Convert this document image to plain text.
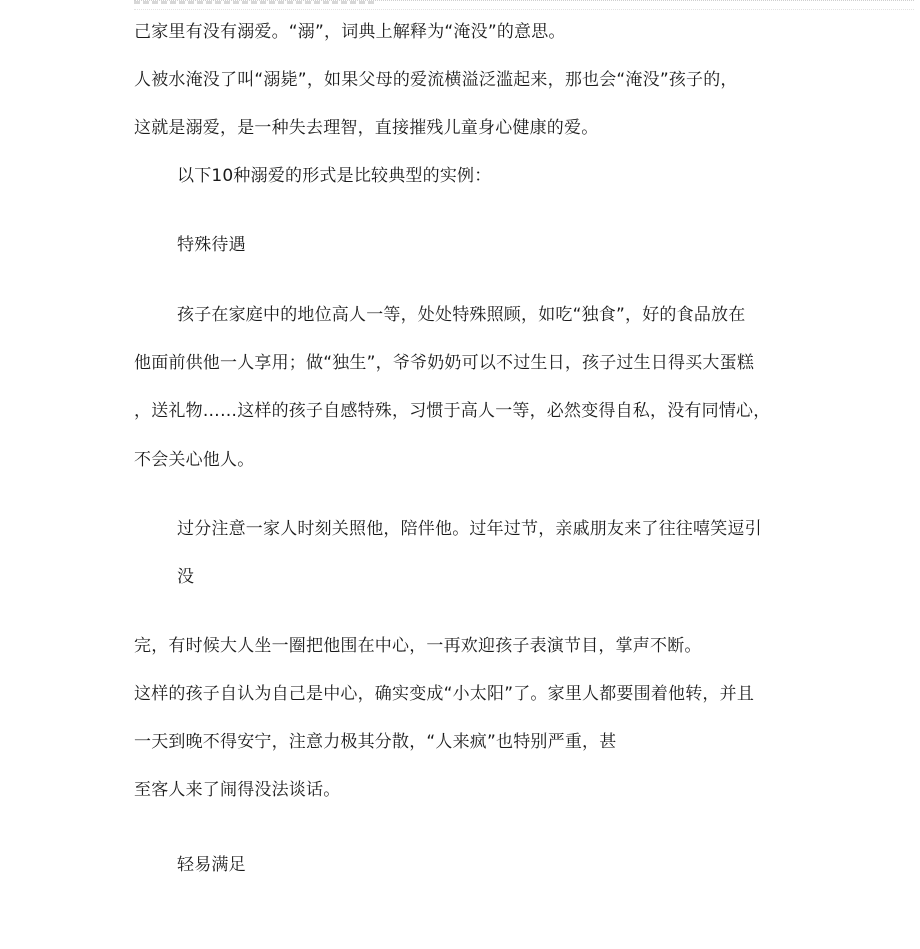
己家里有没有溺爱。“溺”，词典上解释为“淹没”的意思。
人被水淹没了叫“溺毙”，如果父母的爱流横溢泛滥起来，那也会“淹没”孩子的，
这就是溺爱，是一种失去理智，直接摧残儿童身心健康的爱。
以下10种溺爱的形式是比较典型的实例：
特殊待遇
孩子在家庭中的地位高人一等，处处特殊照顾，如吃“独食”，好的食品放在
他面前供他一人享用；做“独生”，爷爷奶奶可以不过生日，孩子过生日得买大蛋糕
，送礼物……这样的孩子自感特殊，习惯于高人一等，必然变得自私，没有同情心，
不会关心他人。
过分注意一家人时刻关照他，陪伴他。过年过节，亲戚朋友来了往往嘻笑逗引
没
完，有时候大人坐一圈把他围在中心，一再欢迎孩子表演节目，掌声不断。
这样的孩子自认为自己是中心，确实变成“小太阳”了。家里人都要围着他转，并且
一天到晚不得安宁，注意力极其分散，“人来疯”也特别严重，甚
至客人来了闹得没法谈话。
轻易满足
